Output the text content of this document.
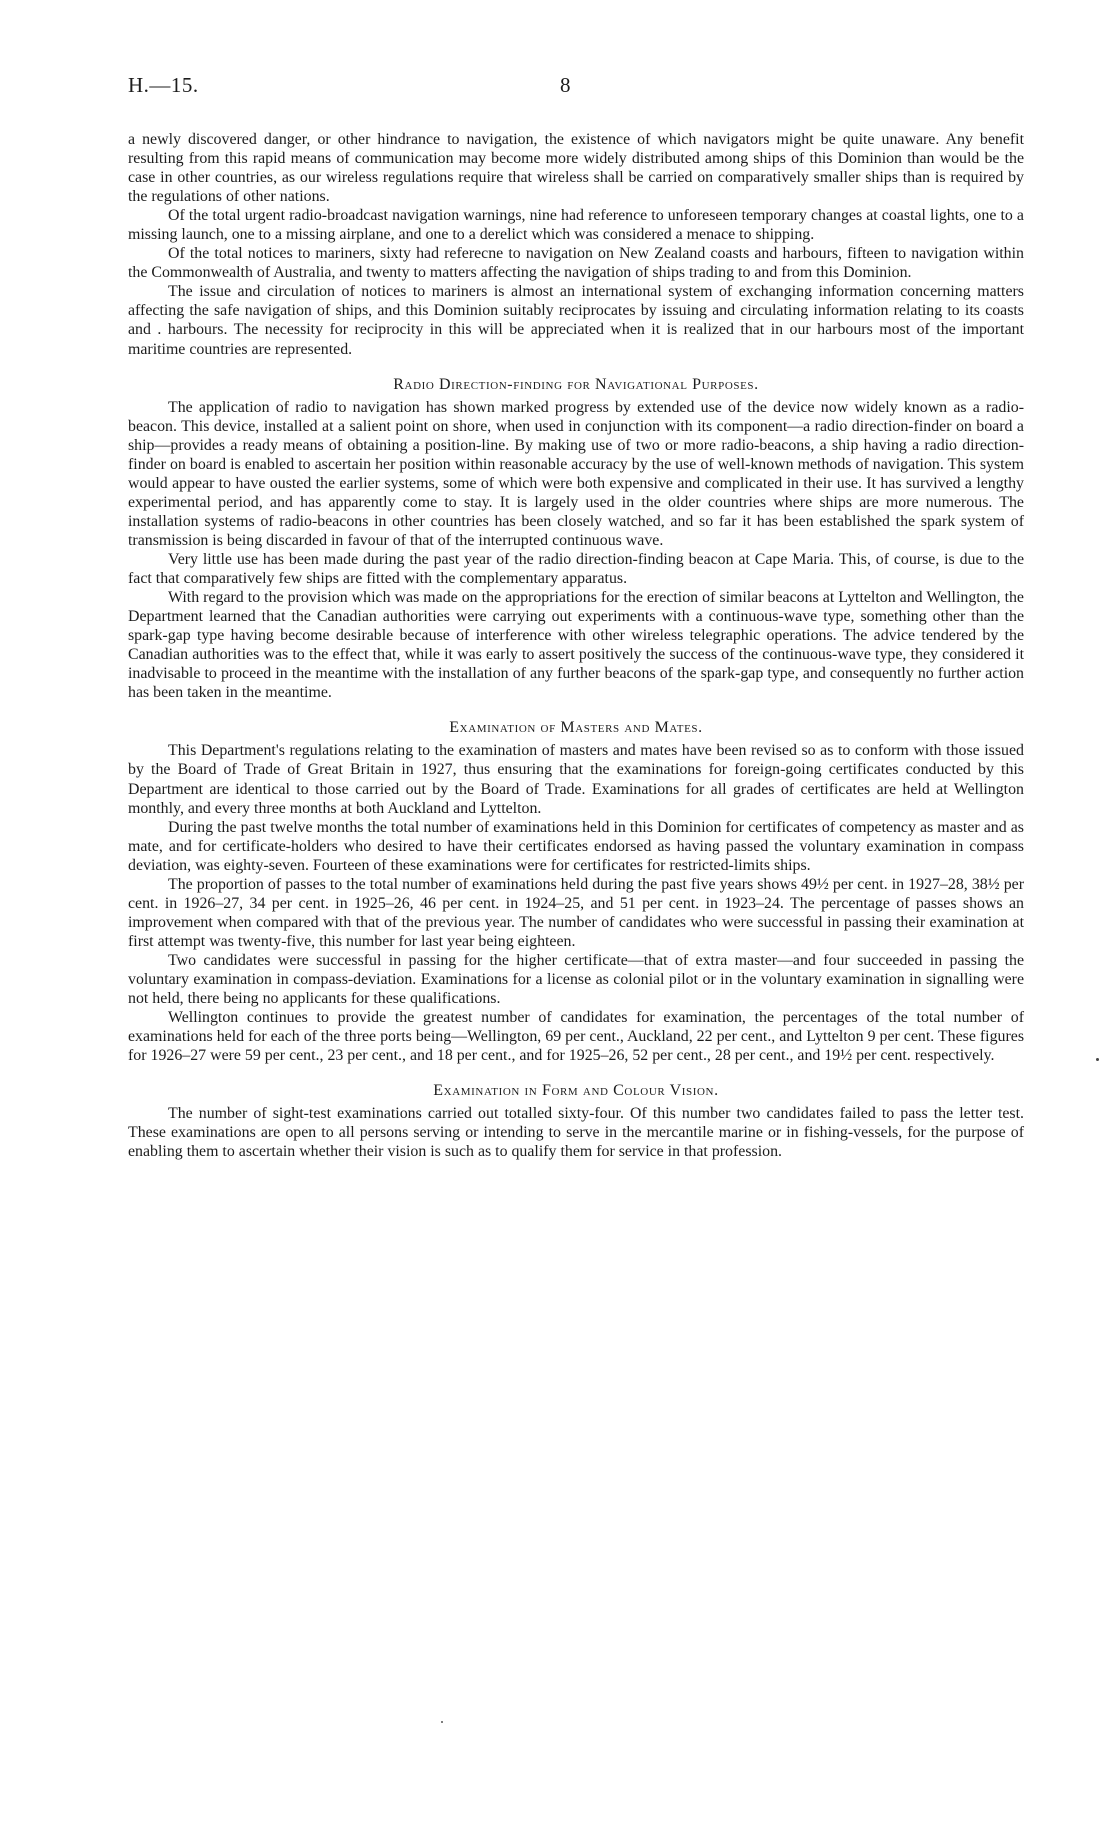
H.—15.	8

a newly discovered danger, or other hindrance to navigation, the existence of which navigators might be quite unaware. Any benefit resulting from this rapid means of communication may become more widely distributed among ships of this Dominion than would be the case in other countries, as our wireless regulations require that wireless shall be carried on comparatively smaller ships than is required by the regulations of other nations.

Of the total urgent radio-broadcast navigation warnings, nine had reference to unforeseen temporary changes at coastal lights, one to a missing launch, one to a missing airplane, and one to a derelict which was considered a menace to shipping.

Of the total notices to mariners, sixty had referecne to navigation on New Zealand coasts and harbours, fifteen to navigation within the Commonwealth of Australia, and twenty to matters affecting the navigation of ships trading to and from this Dominion.

The issue and circulation of notices to mariners is almost an international system of exchanging information concerning matters affecting the safe navigation of ships, and this Dominion suitably reciprocates by issuing and circulating information relating to its coasts and . harbours. The necessity for reciprocity in this will be appreciated when it is realized that in our harbours most of the important maritime countries are represented.

Radio Direction-finding for Navigational Purposes.

The application of radio to navigation has shown marked progress by extended use of the device now widely known as a radio-beacon. This device, installed at a salient point on shore, when used in conjunction with its component—a radio direction-finder on board a ship—provides a ready means of obtaining a position-line. By making use of two or more radio-beacons, a ship having a radio direction-finder on board is enabled to ascertain her position within reasonable accuracy by the use of well-known methods of navigation. This system would appear to have ousted the earlier systems, some of which were both expensive and complicated in their use. It has survived a lengthy experimental period, and has apparently come to stay. It is largely used in the older countries where ships are more numerous. The installation systems of radio-beacons in other countries has been closely watched, and so far it has been established the spark system of transmission is being discarded in favour of that of the interrupted continuous wave.

Very little use has been made during the past year of the radio direction-finding beacon at Cape Maria. This, of course, is due to the fact that comparatively few ships are fitted with the complementary apparatus.

With regard to the provision which was made on the appropriations for the erection of similar beacons at Lyttelton and Wellington, the Department learned that the Canadian authorities were carrying out experiments with a continuous-wave type, something other than the spark-gap type having become desirable because of interference with other wireless telegraphic operations. The advice tendered by the Canadian authorities was to the effect that, while it was early to assert positively the success of the continuous-wave type, they considered it inadvisable to proceed in the meantime with the installation of any further beacons of the spark-gap type, and consequently no further action has been taken in the meantime.

Examination of Masters and Mates.

This Department's regulations relating to the examination of masters and mates have been revised so as to conform with those issued by the Board of Trade of Great Britain in 1927, thus ensuring that the examinations for foreign-going certificates conducted by this Department are identical to those carried out by the Board of Trade. Examinations for all grades of certificates are held at Wellington monthly, and every three months at both Auckland and Lyttelton.

During the past twelve months the total number of examinations held in this Dominion for certificates of competency as master and as mate, and for certificate-holders who desired to have their certificates endorsed as having passed the voluntary examination in compass deviation, was eighty-seven. Fourteen of these examinations were for certificates for restricted-limits ships.

The proportion of passes to the total number of examinations held during the past five years shows 49½ per cent. in 1927–28, 38½ per cent. in 1926–27, 34 per cent. in 1925–26, 46 per cent. in 1924–25, and 51 per cent. in 1923–24. The percentage of passes shows an improvement when compared with that of the previous year. The number of candidates who were successful in passing their examination at first attempt was twenty-five, this number for last year being eighteen.

Two candidates were successful in passing for the higher certificate—that of extra master—and four succeeded in passing the voluntary examination in compass-deviation. Examinations for a license as colonial pilot or in the voluntary examination in signalling were not held, there being no applicants for these qualifications.

Wellington continues to provide the greatest number of candidates for examination, the percentages of the total number of examinations held for each of the three ports being—Wellington, 69 per cent., Auckland, 22 per cent., and Lyttelton 9 per cent. These figures for 1926–27 were 59 per cent., 23 per cent., and 18 per cent., and for 1925–26, 52 per cent., 28 per cent., and 19½ per cent. respectively.

Examination in Form and Colour Vision.

The number of sight-test examinations carried out totalled sixty-four. Of this number two candidates failed to pass the letter test. These examinations are open to all persons serving or intending to serve in the mercantile marine or in fishing-vessels, for the purpose of enabling them to ascertain whether their vision is such as to qualify them for service in that profession.
